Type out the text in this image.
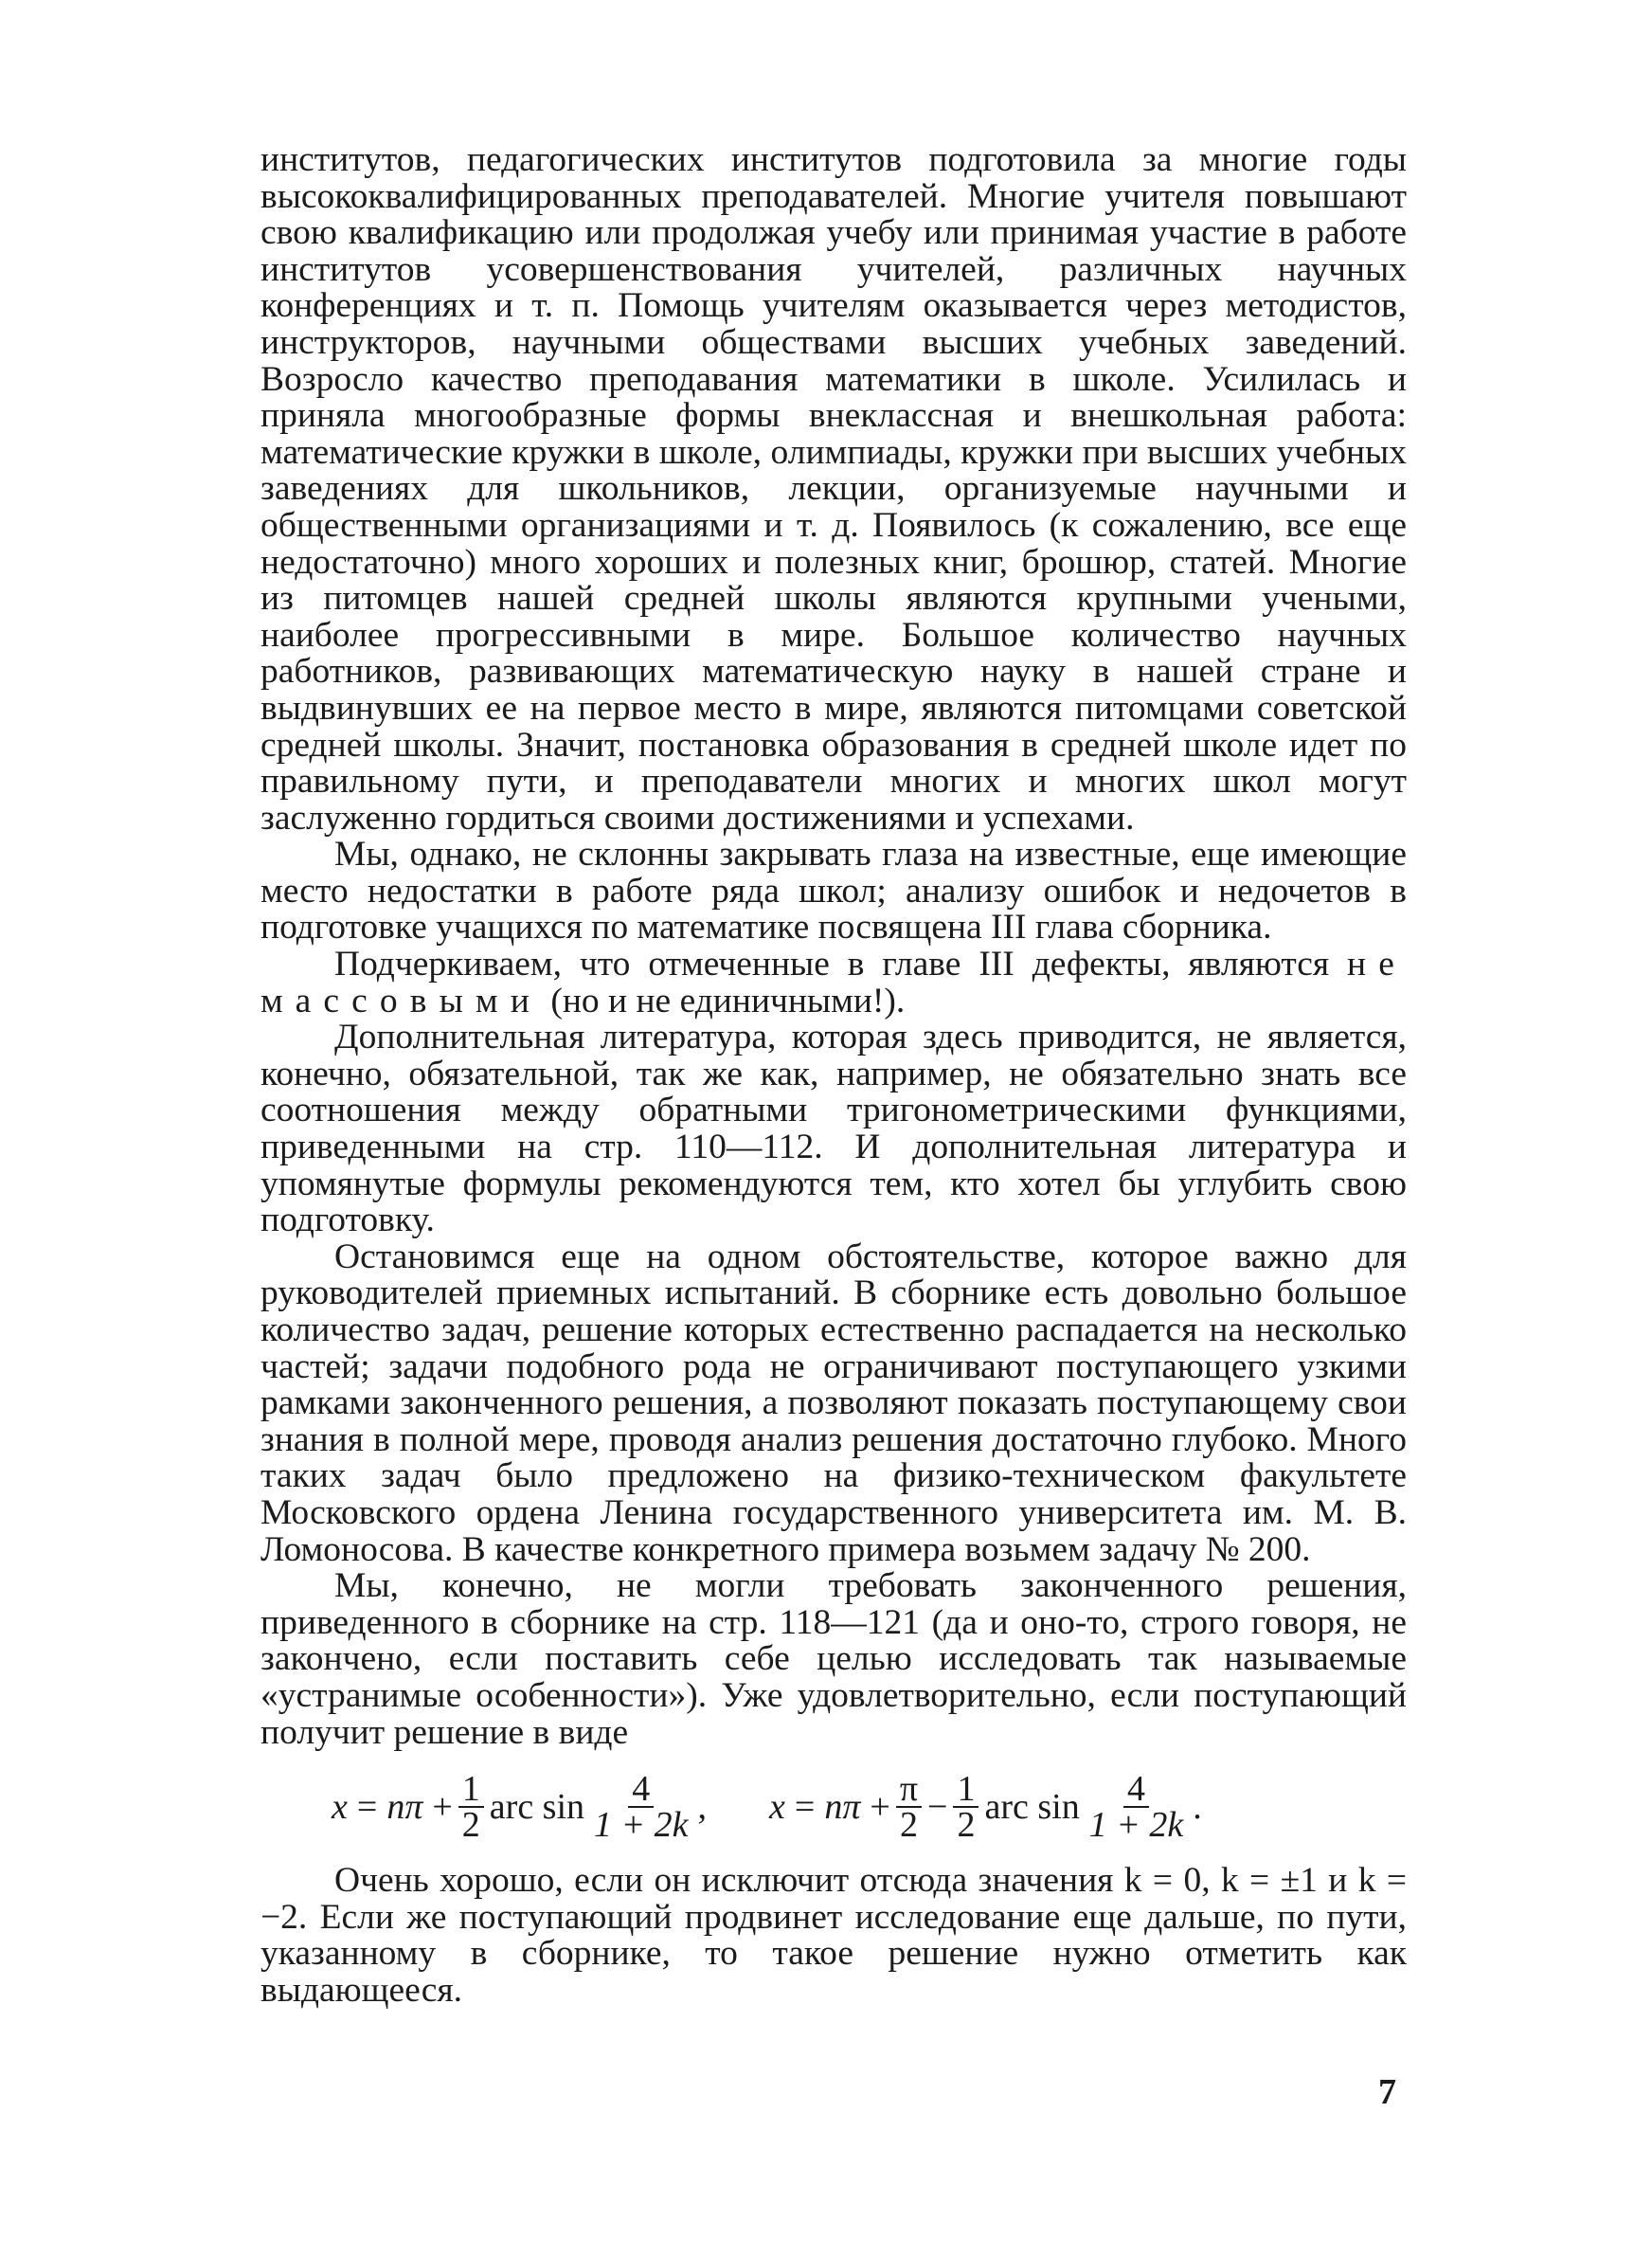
институтов, педагогических институтов подготовила за многие годы высококвалифицированных преподавателей. Многие учителя повышают свою квалификацию или продолжая учебу или принимая участие в работе институтов усовершенствования учителей, различных научных конференциях и т. п. Помощь учителям оказывается через методистов, инструкторов, научными обществами высших учебных заведений. Возросло качество преподавания математики в школе. Усилилась и приняла многообразные формы внеклассная и внешкольная работа: математические кружки в школе, олимпиады, кружки при высших учебных заведениях для школьников, лекции, организуемые научными и общественными организациями и т. д. Появилось (к сожалению, все еще недостаточно) много хороших и полезных книг, брошюр, статей. Многие из питомцев нашей средней школы являются крупными учеными, наиболее прогрессивными в мире. Большое количество научных работников, развивающих математическую науку в нашей стране и выдвинувших ее на первое место в мире, являются питомцами советской средней школы. Значит, постановка образования в средней школе идет по правильному пути, и преподаватели многих и многих школ могут заслуженно гордиться своими достижениями и успехами.

Мы, однако, не склонны закрывать глаза на известные, еще имеющие место недостатки в работе ряда школ; анализу ошибок и недочетов в подготовке учащихся по математике посвящена III глава сборника.

Подчеркиваем, что отмеченные в главе III дефекты, являются не массовыми (но и не единичными!).

Дополнительная литература, которая здесь приводится, не является, конечно, обязательной, так же как, например, не обязательно знать все соотношения между обратными тригонометрическими функциями, приведенными на стр. 110—112. И дополнительная литература и упомянутые формулы рекомендуются тем, кто хотел бы углубить свою подготовку.

Остановимся еще на одном обстоятельстве, которое важно для руководителей приемных испытаний. В сборнике есть довольно большое количество задач, решение которых естественно распадается на несколько частей; задачи подобного рода не ограничивают поступающего узкими рамками законченного решения, а позволяют показать поступающему свои знания в полной мере, проводя анализ решения достаточно глубоко. Много таких задач было предложено на физико-техническом факультете Московского ордена Ленина государственного университета им. М. В. Ломоносова. В качестве конкретного примера возьмем задачу № 200.

Мы, конечно, не могли требовать законченного решения, приведенного в сборнике на стр. 118—121 (да и оно-то, строго говоря, не закончено, если поставить себе целью исследовать так называемые «устранимые особенности»). Уже удовлетворительно, если поступающий получит решение в виде

$x = n\pi + \frac{1}{2}$ arc $\sin \frac{4}{1 + 2k}$ , $x = n\pi + \frac{\pi}{2} - \frac{1}{2}$ arc $\sin \frac{4}{1 + 2k}$ .

Очень хорошо, если он исключит отсюда значения k = 0, k = ±1 и k = −2. Если же поступающий продвинет исследование еще дальше, по пути, указанному в сборнике, то такое решение нужно отметить как выдающееся.

7
